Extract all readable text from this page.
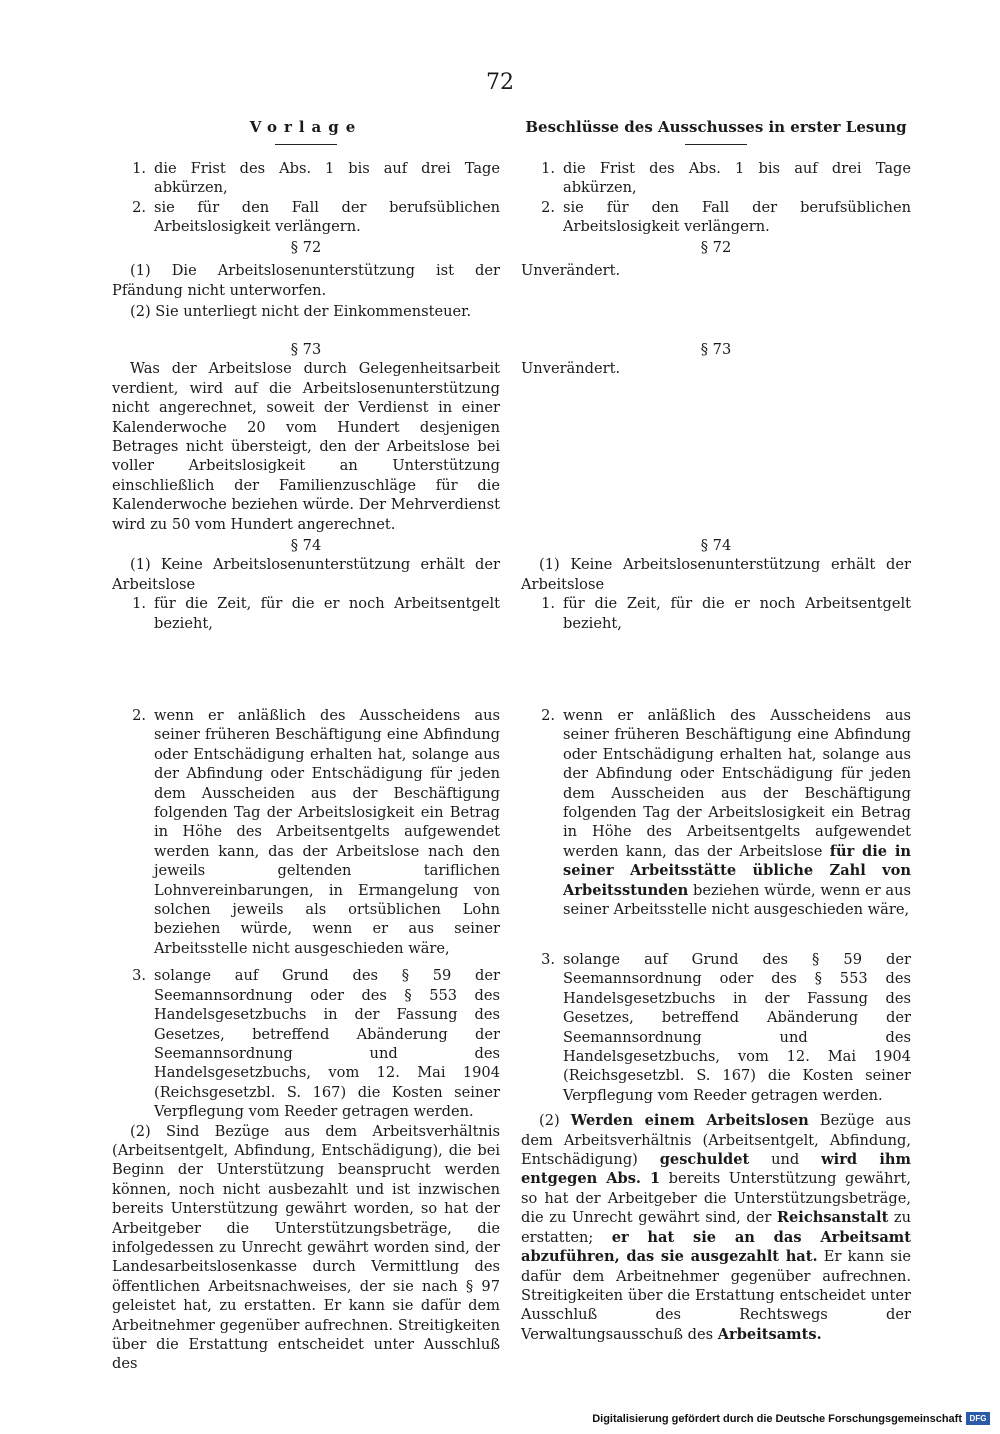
72
Vorlage
1. die Frist des Abs. 1 bis auf drei Tage abkürzen,
2. sie für den Fall der berufsüblichen Arbeitslosigkeit verlängern.

§ 72

(1) Die Arbeitslosenunterstützung ist der Pfändung nicht unterworfen.

(2) Sie unterliegt nicht der Einkommensteuer.

§ 73

Was der Arbeitslose durch Gelegenheitsarbeit verdient, wird auf die Arbeitslosenunterstützung nicht angerechnet, soweit der Verdienst in einer Kalenderwoche 20 vom Hundert desjenigen Betrages nicht übersteigt, den der Arbeitslose bei voller Arbeitslosigkeit an Unterstützung einschließlich der Familienzuschläge für die Kalenderwoche beziehen würde. Der Mehrverdienst wird zu 50 vom Hundert angerechnet.

§ 74

(1) Keine Arbeitslosenunterstützung erhält der Arbeitslose

1. für die Zeit, für die er noch Arbeitsentgelt bezieht,
2. wenn er anläßlich des Ausscheidens aus seiner früheren Beschäftigung eine Abfindung oder Entschädigung erhalten hat, solange aus der Abfindung oder Entschädigung für jeden dem Ausscheiden aus der Beschäftigung folgenden Tag der Arbeitslosigkeit ein Betrag in Höhe des Arbeitsentgelts aufgewendet werden kann, das der Arbeitslose nach den jeweils geltenden tariflichen Lohnvereinbarungen, in Ermangelung von solchen jeweils als ortsüblichen Lohn beziehen würde, wenn er aus seiner Arbeitsstelle nicht ausgeschieden wäre,
3. solange auf Grund des § 59 der Seemannsordnung oder des § 553 des Handelsgesetzbuchs in der Fassung des Gesetzes, betreffend Abänderung der Seemannsordnung und des Handelsgesetzbuchs, vom 12. Mai 1904 (Reichsgesetzbl. S. 167) die Kosten seiner Verpflegung vom Reeder getragen werden.

(2) Sind Bezüge aus dem Arbeitsverhältnis (Arbeitsentgelt, Abfindung, Entschädigung), die bei Beginn der Unterstützung beansprucht werden können, noch nicht ausbezahlt und ist inzwischen bereits Unterstützung gewährt worden, so hat der Arbeitgeber die Unterstützungsbeträge, die infolgedessen zu Unrecht gewährt worden sind, der Landesarbeitslosenkasse durch Vermittlung des öffentlichen Arbeitsnachweises, der sie nach § 97 geleistet hat, zu erstatten. Er kann sie dafür dem Arbeitnehmer gegenüber aufrechnen. Streitigkeiten über die Erstattung entscheidet unter Ausschluß des

Beschlüsse des Ausschusses in erster Lesung
1. die Frist des Abs. 1 bis auf drei Tage abkürzen,
2. sie für den Fall der berufsüblichen Arbeitslosigkeit verlängern.

§ 72

Unverändert.

§ 73

Unverändert.

§ 74

(1) Keine Arbeitslosenunterstützung erhält der Arbeitslose

1. für die Zeit, für die er noch Arbeitsentgelt bezieht,
2. wenn er anläßlich des Ausscheidens aus seiner früheren Beschäftigung eine Abfindung oder Entschädigung erhalten hat, solange aus der Abfindung oder Entschädigung für jeden dem Ausscheiden aus der Beschäftigung folgenden Tag der Arbeitslosigkeit ein Betrag in Höhe des Arbeitsentgelts aufgewendet werden kann, das der Arbeitslose für die in seiner Arbeitsstätte übliche Zahl von Arbeitsstunden beziehen würde, wenn er aus seiner Arbeitsstelle nicht ausgeschieden wäre,
3. solange auf Grund des § 59 der Seemannsordnung oder des § 553 des Handelsgesetzbuchs in der Fassung des Gesetzes, betreffend Abänderung der Seemannsordnung und des Handelsgesetzbuchs, vom 12. Mai 1904 (Reichsgesetzbl. S. 167) die Kosten seiner Verpflegung vom Reeder getragen werden.

(2) Werden einem Arbeitslosen Bezüge aus dem Arbeitsverhältnis (Arbeitsentgelt, Abfindung, Entschädigung) geschuldet und wird ihm entgegen Abs. 1 bereits Unterstützung gewährt, so hat der Arbeitgeber die Unterstützungsbeträge, die zu Unrecht gewährt sind, der Reichsanstalt zu erstatten; er hat sie an das Arbeitsamt abzuführen, das sie ausgezahlt hat. Er kann sie dafür dem Arbeitnehmer gegenüber aufrechnen. Streitigkeiten über die Erstattung entscheidet unter Ausschluß des Rechtswegs der Verwaltungsausschuß des Arbeitsamts.

Digitalisierung gefördert durch die Deutsche Forschungsgemeinschaft DFG
